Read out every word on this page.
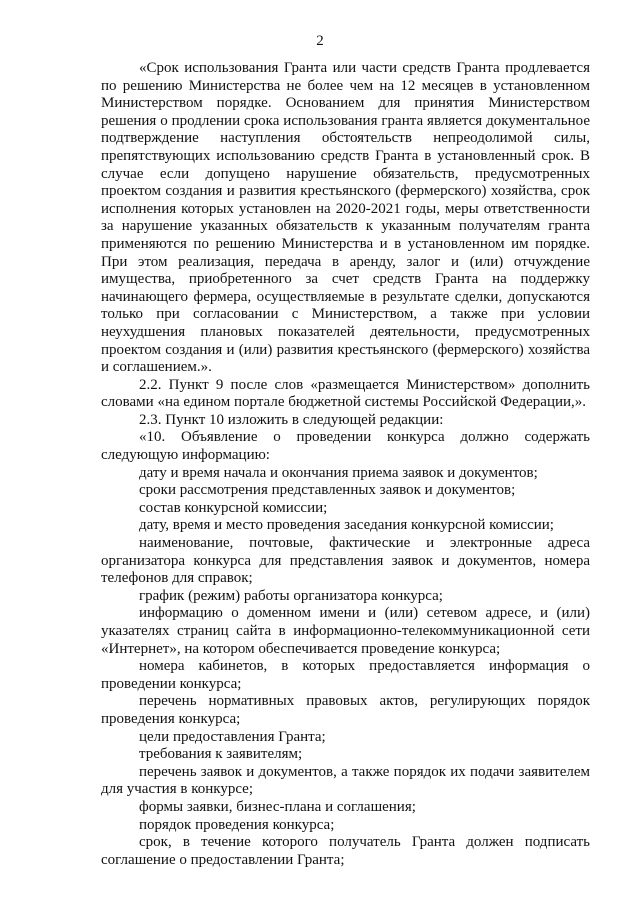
2

«Срок использования Гранта или части средств Гранта продлевается по решению Министерства не более чем на 12 месяцев в установленном Министерством порядке. Основанием для принятия Министерством решения о продлении срока использования гранта является документальное подтверждение наступления обстоятельств непреодолимой силы, препятствующих использованию средств Гранта в установленный срок. В случае если допущено нарушение обязательств, предусмотренных проектом создания и развития крестьянского (фермерского) хозяйства, срок исполнения которых установлен на 2020-2021 годы, меры ответственности за нарушение указанных обязательств к указанным получателям гранта применяются по решению Министерства и в установленном им порядке. При этом реализация, передача в аренду, залог и (или) отчуждение имущества, приобретенного за счет средств Гранта на поддержку начинающего фермера, осуществляемые в результате сделки, допускаются только при согласовании с Министерством, а также при условии неухудшения плановых показателей деятельности, предусмотренных проектом создания и (или) развития крестьянского (фермерского) хозяйства и соглашением.».

2.2. Пункт 9 после слов «размещается Министерством» дополнить словами «на едином портале бюджетной системы Российской Федерации,».

2.3. Пункт 10 изложить в следующей редакции:

«10. Объявление о проведении конкурса должно содержать следующую информацию:

дату и время начала и окончания приема заявок и документов;

сроки рассмотрения представленных заявок и документов;

состав конкурсной комиссии;

дату, время и место проведения заседания конкурсной комиссии;

наименование, почтовые, фактические и электронные адреса организатора конкурса для представления заявок и документов, номера телефонов для справок;

график (режим) работы организатора конкурса;

информацию о доменном имени и (или) сетевом адресе, и (или) указателях страниц сайта в информационно-телекоммуникационной сети «Интернет», на котором обеспечивается проведение конкурса;

номера кабинетов, в которых предоставляется информация о проведении конкурса;

перечень нормативных правовых актов, регулирующих порядок проведения конкурса;

цели предоставления Гранта;

требования к заявителям;

перечень заявок и документов, а также порядок их подачи заявителем для участия в конкурсе;

формы заявки, бизнес-плана и соглашения;

порядок проведения конкурса;

срок, в течение которого получатель Гранта должен подписать соглашение о предоставлении Гранта;
